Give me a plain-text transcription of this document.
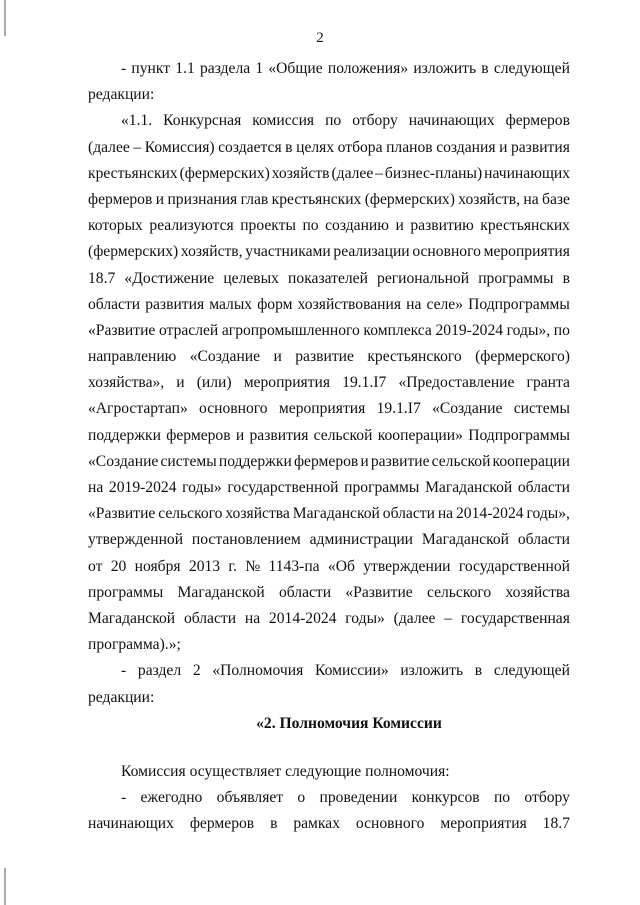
2
- пункт 1.1 раздела 1 «Общие положения» изложить в следующей
редакции:
«1.1. Конкурсная комиссия по отбору начинающих фермеров
(далее – Комиссия) создается в целях отбора планов создания и развития
крестьянских (фермерских) хозяйств (далее – бизнес-планы) начинающих
фермеров и признания глав крестьянских (фермерских) хозяйств, на базе
которых реализуются проекты по созданию и развитию крестьянских
(фермерских) хозяйств, участниками реализации основного мероприятия
18.7 «Достижение целевых показателей региональной программы в
области развития малых форм хозяйствования на селе» Подпрограммы
«Развитие отраслей агропромышленного комплекса 2019-2024 годы», по
направлению «Создание и развитие крестьянского (фермерского)
хозяйства», и (или) мероприятия 19.1.I7 «Предоставление гранта
«Агростартап» основного мероприятия 19.1.I7 «Создание системы
поддержки фермеров и развития сельской кооперации» Подпрограммы
«Создание системы поддержки фермеров и развитие сельской кооперации
на 2019-2024 годы» государственной программы Магаданской области
«Развитие сельского хозяйства Магаданской области на 2014-2024 годы»,
утвержденной постановлением администрации Магаданской области
от 20 ноября 2013 г. № 1143-па «Об утверждении государственной
программы Магаданской области «Развитие сельского хозяйства
Магаданской области на 2014-2024 годы» (далее – государственная
программа).»;
- раздел 2 «Полномочия Комиссии» изложить в следующей
редакции:
«2. Полномочия Комиссии
Комиссия осуществляет следующие полномочия:
- ежегодно объявляет о проведении конкурсов по отбору
начинающих фермеров в рамках основного мероприятия 18.7
